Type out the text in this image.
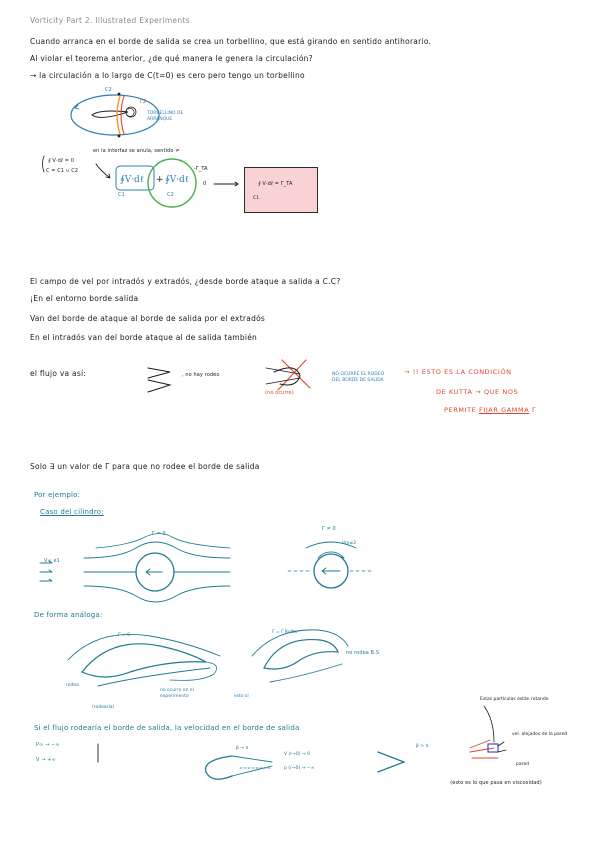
Vorticity Part 2. Illustrated Experiments
Cuando arranca en el borde de salida se crea un torbellino, que está girando en sentido antihorario.
Al violar el teorema anterior, ¿de qué manera le genera la circulación?
→ la circulación a lo largo de C(t=0) es cero pero tengo un torbellino
TORBELLINO DE ARRANQUE
Γ2
C2
en la interfaz se anula, sentido ≠
∮ V·dℓ = 0
C = C1 ∪ C2
C1	C2
-Γ_TA
0	∮ V·dℓ = Γ_TA
C1
El campo de vel por intradós y extradós, ¿desde borde ataque a salida a C.C?
¡En el entorno borde salida
Van del borde de ataque al borde de salida por el extradós
En el intradós van del borde ataque al de salida también
el flujo va así:	, no hay rodeo
(no ocurre)
NO OCURRE EL RODEO DEL BORDE DE SALIDA
→ !! ESTO ES LA CONDICIÓN
DE KUTTA → QUE NOS
PERMITE FIJAR GAMMA Γ
Solo ∃ un valor de Γ para que no rodee el borde de salida
Por ejemplo:
Caso del cilindro:
Γ = 0
Γ ≠ 0
V∞ e1
Vm≠2
De forma análoga:
Γ = 0
Γ = Γ Kutta
no rodea B.S
rodea
(rodearía)
no ocurre en el experimento	esto sí
Si el flujo rodearía el borde de salida, la velocidad en el borde de salida
P∞ → −∞
V → +∞
β → π	β > π
V (r→0) → 0
p (r→0) → −∞
Estas partículas están rotando
vel. alejados de la pared
pared
(esto es lo que pasa en viscosidad)
∮V·dℓ + ∮V·dℓ
